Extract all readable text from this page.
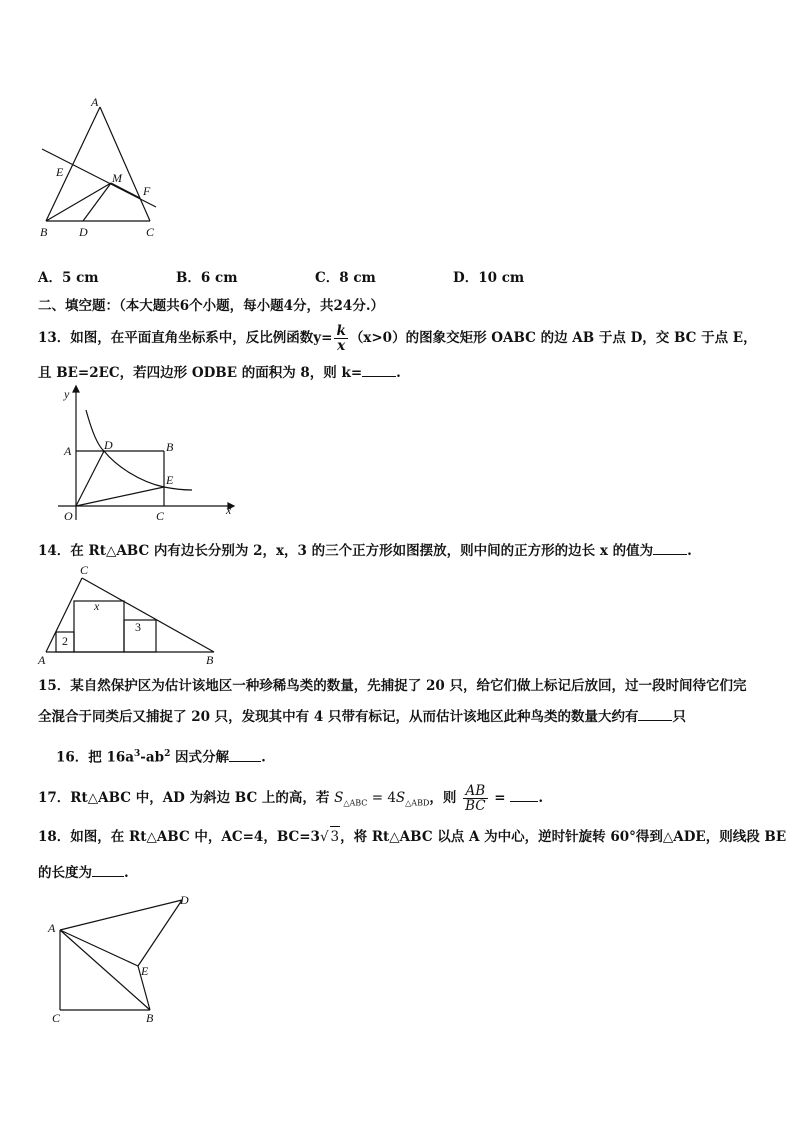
A
E	M
F
B	D	C
A．5 cm	B．6 cm	C．8 cm	D．10 cm
二、填空题：（本大题共6个小题，每小题4分，共24分.）
13．如图，在平面直角坐标系中，反比例函数$y= \frac{k}{x} (x>0)$的图象交矩形 OABC 的边 AB 于点 D，交 BC 于点 E，
且 BE=2EC，若四边形 ODBE 的面积为 8，则 k=	.
y
A	D	B
E
O	C	x
14．在 Rt△ABC 内有边长分别为 2，x，3 的三个正方形如图摆放，则中间的正方形的边长 x 的值为	.
C
x
3
2
A	B
15．某自然保护区为估计该地区一种珍稀鸟类的数量，先捕捉了 20 只，给它们做上标记后放回，过一段时间待它们完
全混合于同类后又捕捉了 20 只，发现其中有 4 只带有标记，从而估计该地区此种鸟类的数量大约有	只
16．把 $16a^3-ab^2$ 因式分解 .
17．Rt△ABC 中，AD 为斜边 BC 上的高，若 $S_{\triangle ABC} = 4S_{\triangle ABD}$，则 $\frac{AB}{BC}$ = .
18．如图，在 Rt△ABC 中，AC=4，BC=3√ 3，将 Rt△ABC 以点 A 为中心，逆时针旋转 60°得到△ADE，则线段 BE
的长度为 .
A
D
E
C	B
